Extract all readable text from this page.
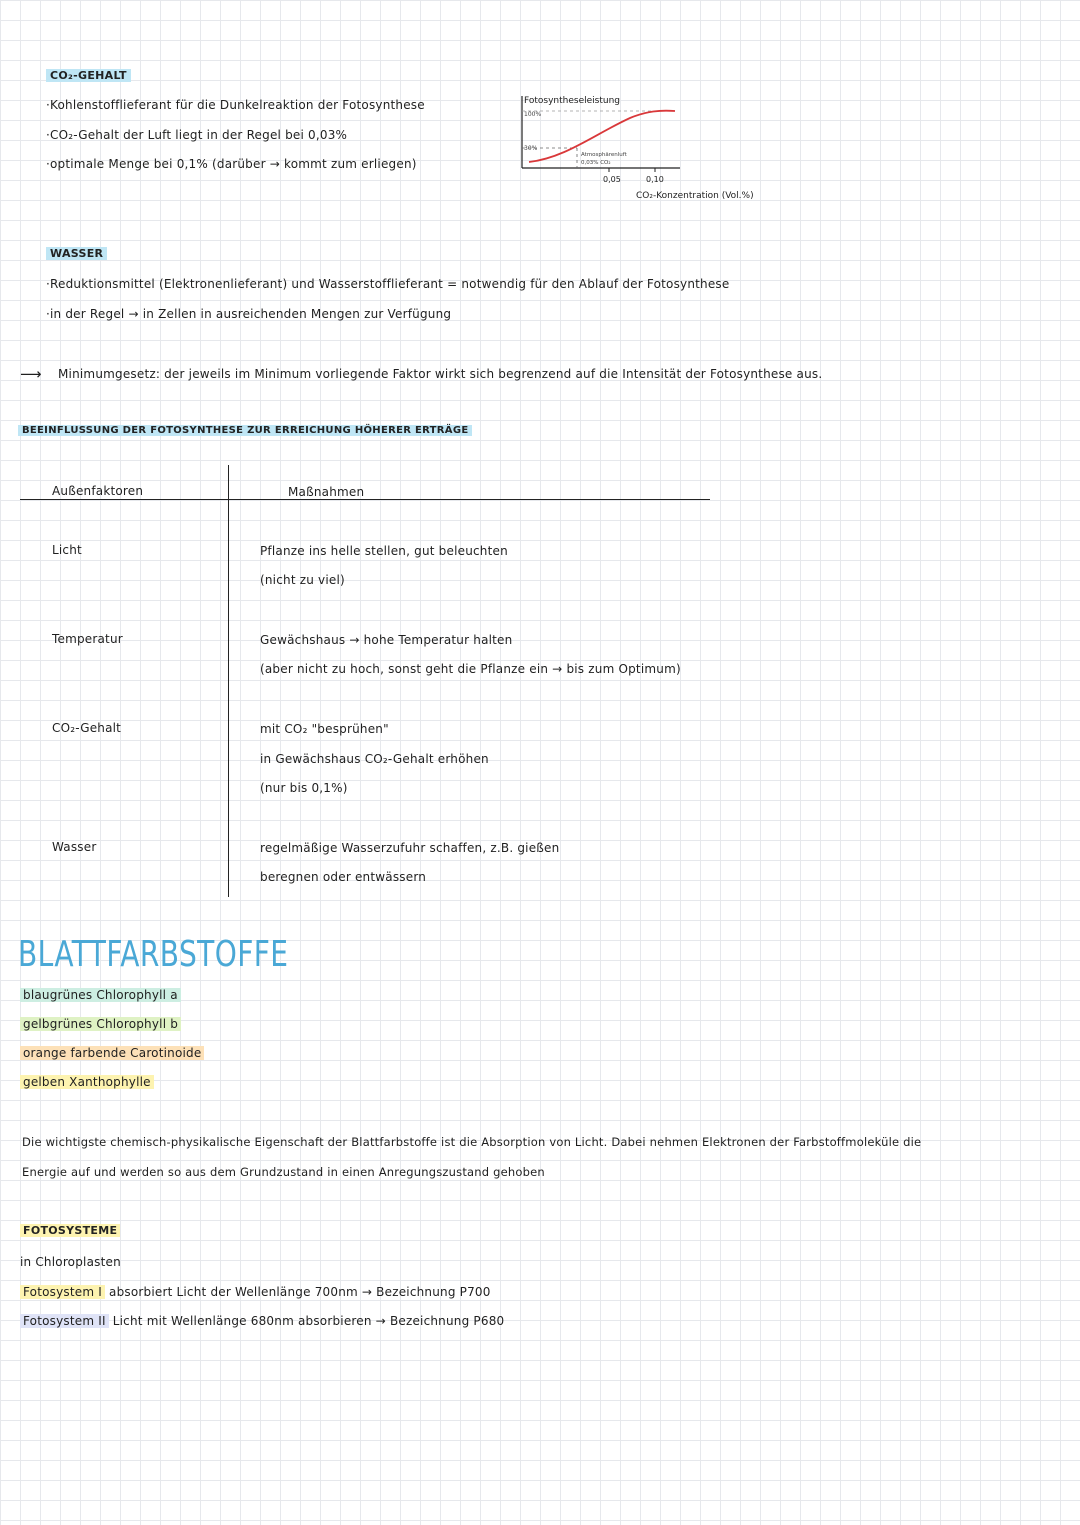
CO₂-GEHALT
·Kohlenstofflieferant für die Dunkelreaktion der Fotosynthese
·CO₂-Gehalt der Luft liegt in der Regel bei 0,03%
·optimale Menge bei 0,1% (darüber → kommt zum erliegen)
Fotosyntheseleistung
100%
30%
Atmosphärenluft
0,03% CO₂
0,05	0,10
CO₂-Konzentration (Vol.%)
WASSER
·Reduktionsmittel (Elektronenlieferant) und Wasserstofflieferant = notwendig für den Ablauf der Fotosynthese
·in der Regel → in Zellen in ausreichenden Mengen zur Verfügung
⟶ Minimumgesetz: der jeweils im Minimum vorliegende Faktor wirkt sich begrenzend auf die Intensität der Fotosynthese aus.
BEEINFLUSSUNG DER FOTOSYNTHESE ZUR ERREICHUNG HÖHERER ERTRÄGE
Außenfaktoren	Maßnahmen
Licht	Pflanze ins helle stellen, gut beleuchten
(nicht zu viel)
Temperatur	Gewächshaus → hohe Temperatur halten
(aber nicht zu hoch, sonst geht die Pflanze ein → bis zum Optimum)
CO₂-Gehalt	mit CO₂ "besprühen"
in Gewächshaus CO₂-Gehalt erhöhen
(nur bis 0,1%)
Wasser	regelmäßige Wasserzufuhr schaffen, z.B. gießen
beregnen oder entwässern
BLATTFARBSTOFFE
blaugrünes Chlorophyll a
gelbgrünes Chlorophyll b
orange farbende Carotinoide
gelben Xanthophylle
Die wichtigste chemisch-physikalische Eigenschaft der Blattfarbstoffe ist die Absorption von Licht. Dabei nehmen Elektronen der Farbstoffmoleküle die
Energie auf und werden so aus dem Grundzustand in einen Anregungszustand gehoben
FOTOSYSTEME
in Chloroplasten
Fotosystem I absorbiert Licht der Wellenlänge 700nm → Bezeichnung P700
Fotosystem II Licht mit Wellenlänge 680nm absorbieren → Bezeichnung P680
